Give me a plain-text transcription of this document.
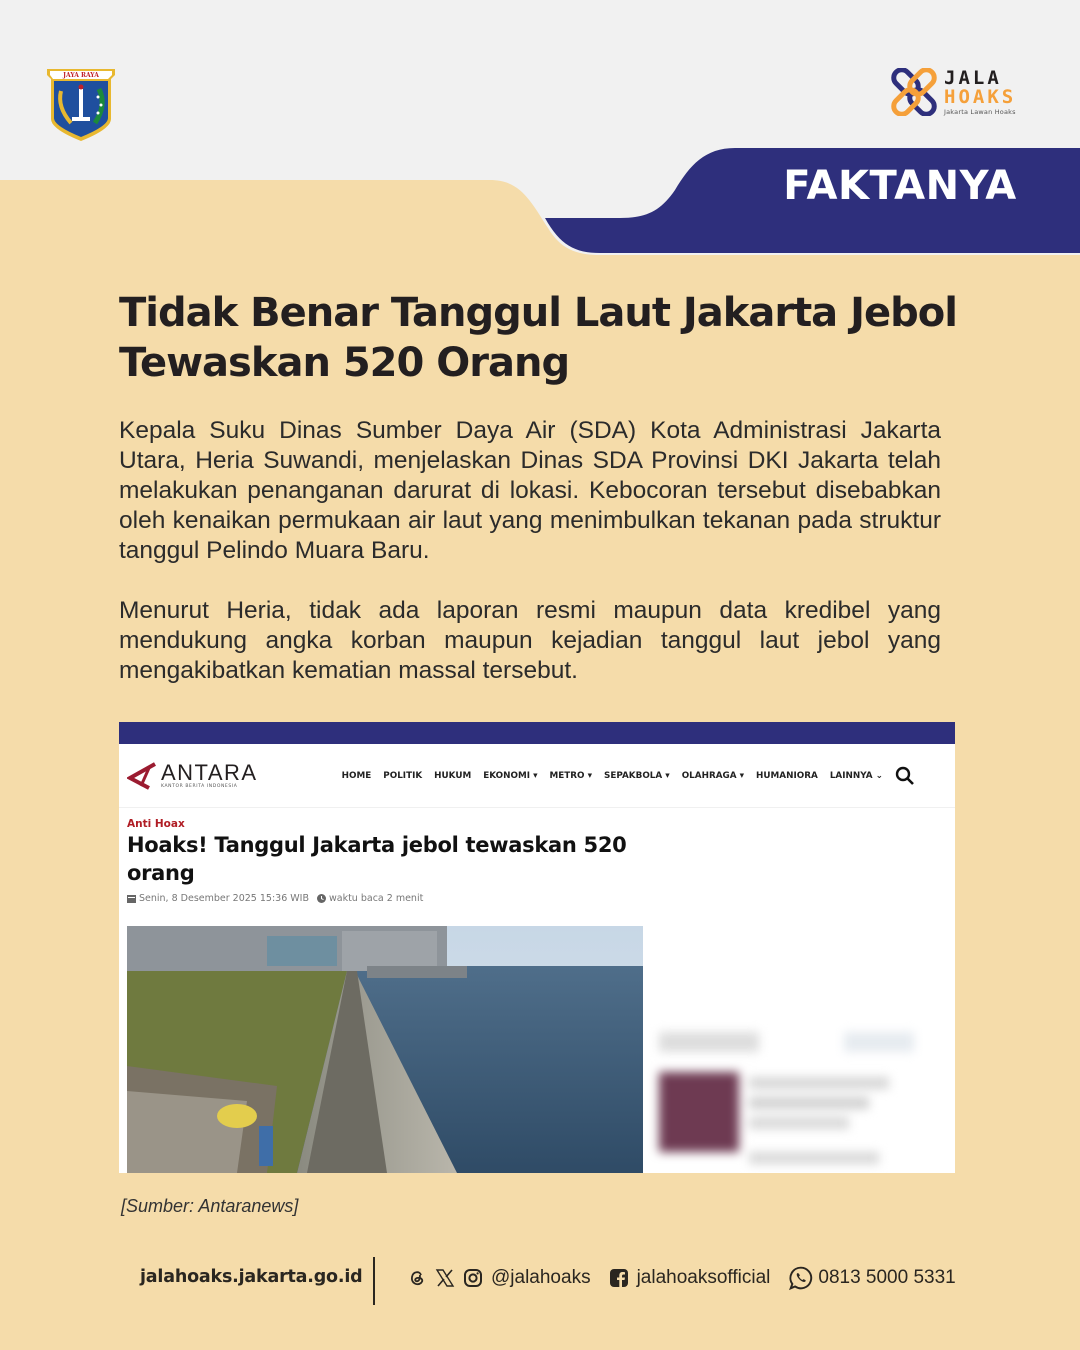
JAYA RAYA	JALA
HOAKS
Jakarta Lawan Hoaks
FAKTANYA
Tidak Benar Tanggul Laut Jakarta Jebol Tewaskan 520 Orang

Kepala Suku Dinas Sumber Daya Air (SDA) Kota Administrasi Jakarta Utara, Heria Suwandi, menjelaskan Dinas SDA Provinsi DKI Jakarta telah melakukan penanganan darurat di lokasi. Kebocoran tersebut disebabkan oleh kenaikan permukaan air laut yang menimbulkan tekanan pada struktur tanggul Pelindo Muara Baru.

Menurut Heria, tidak ada laporan resmi maupun data kredibel yang mendukung angka korban maupun kejadian tanggul laut jebol yang mengakibatkan kematian massal tersebut.

ANTARA
KANTOR BERITA INDONESIA
HOME POLITIK HUKUM EKONOMI ▾ METRO ▾ SEPAKBOLA ▾ OLAHRAGA ▾ HUMANIORA LAINNYA ⌄
Anti Hoax
Hoaks! Tanggul Jakarta jebol tewaskan 520 orang
Senin, 8 Desember 2025 15:36 WIB waktu baca 2 menit
[Sumber: Antaranews]
jalahoaks.jakarta.go.id	@jalahoaks jalahoaksofficial	0813 5000 5331
